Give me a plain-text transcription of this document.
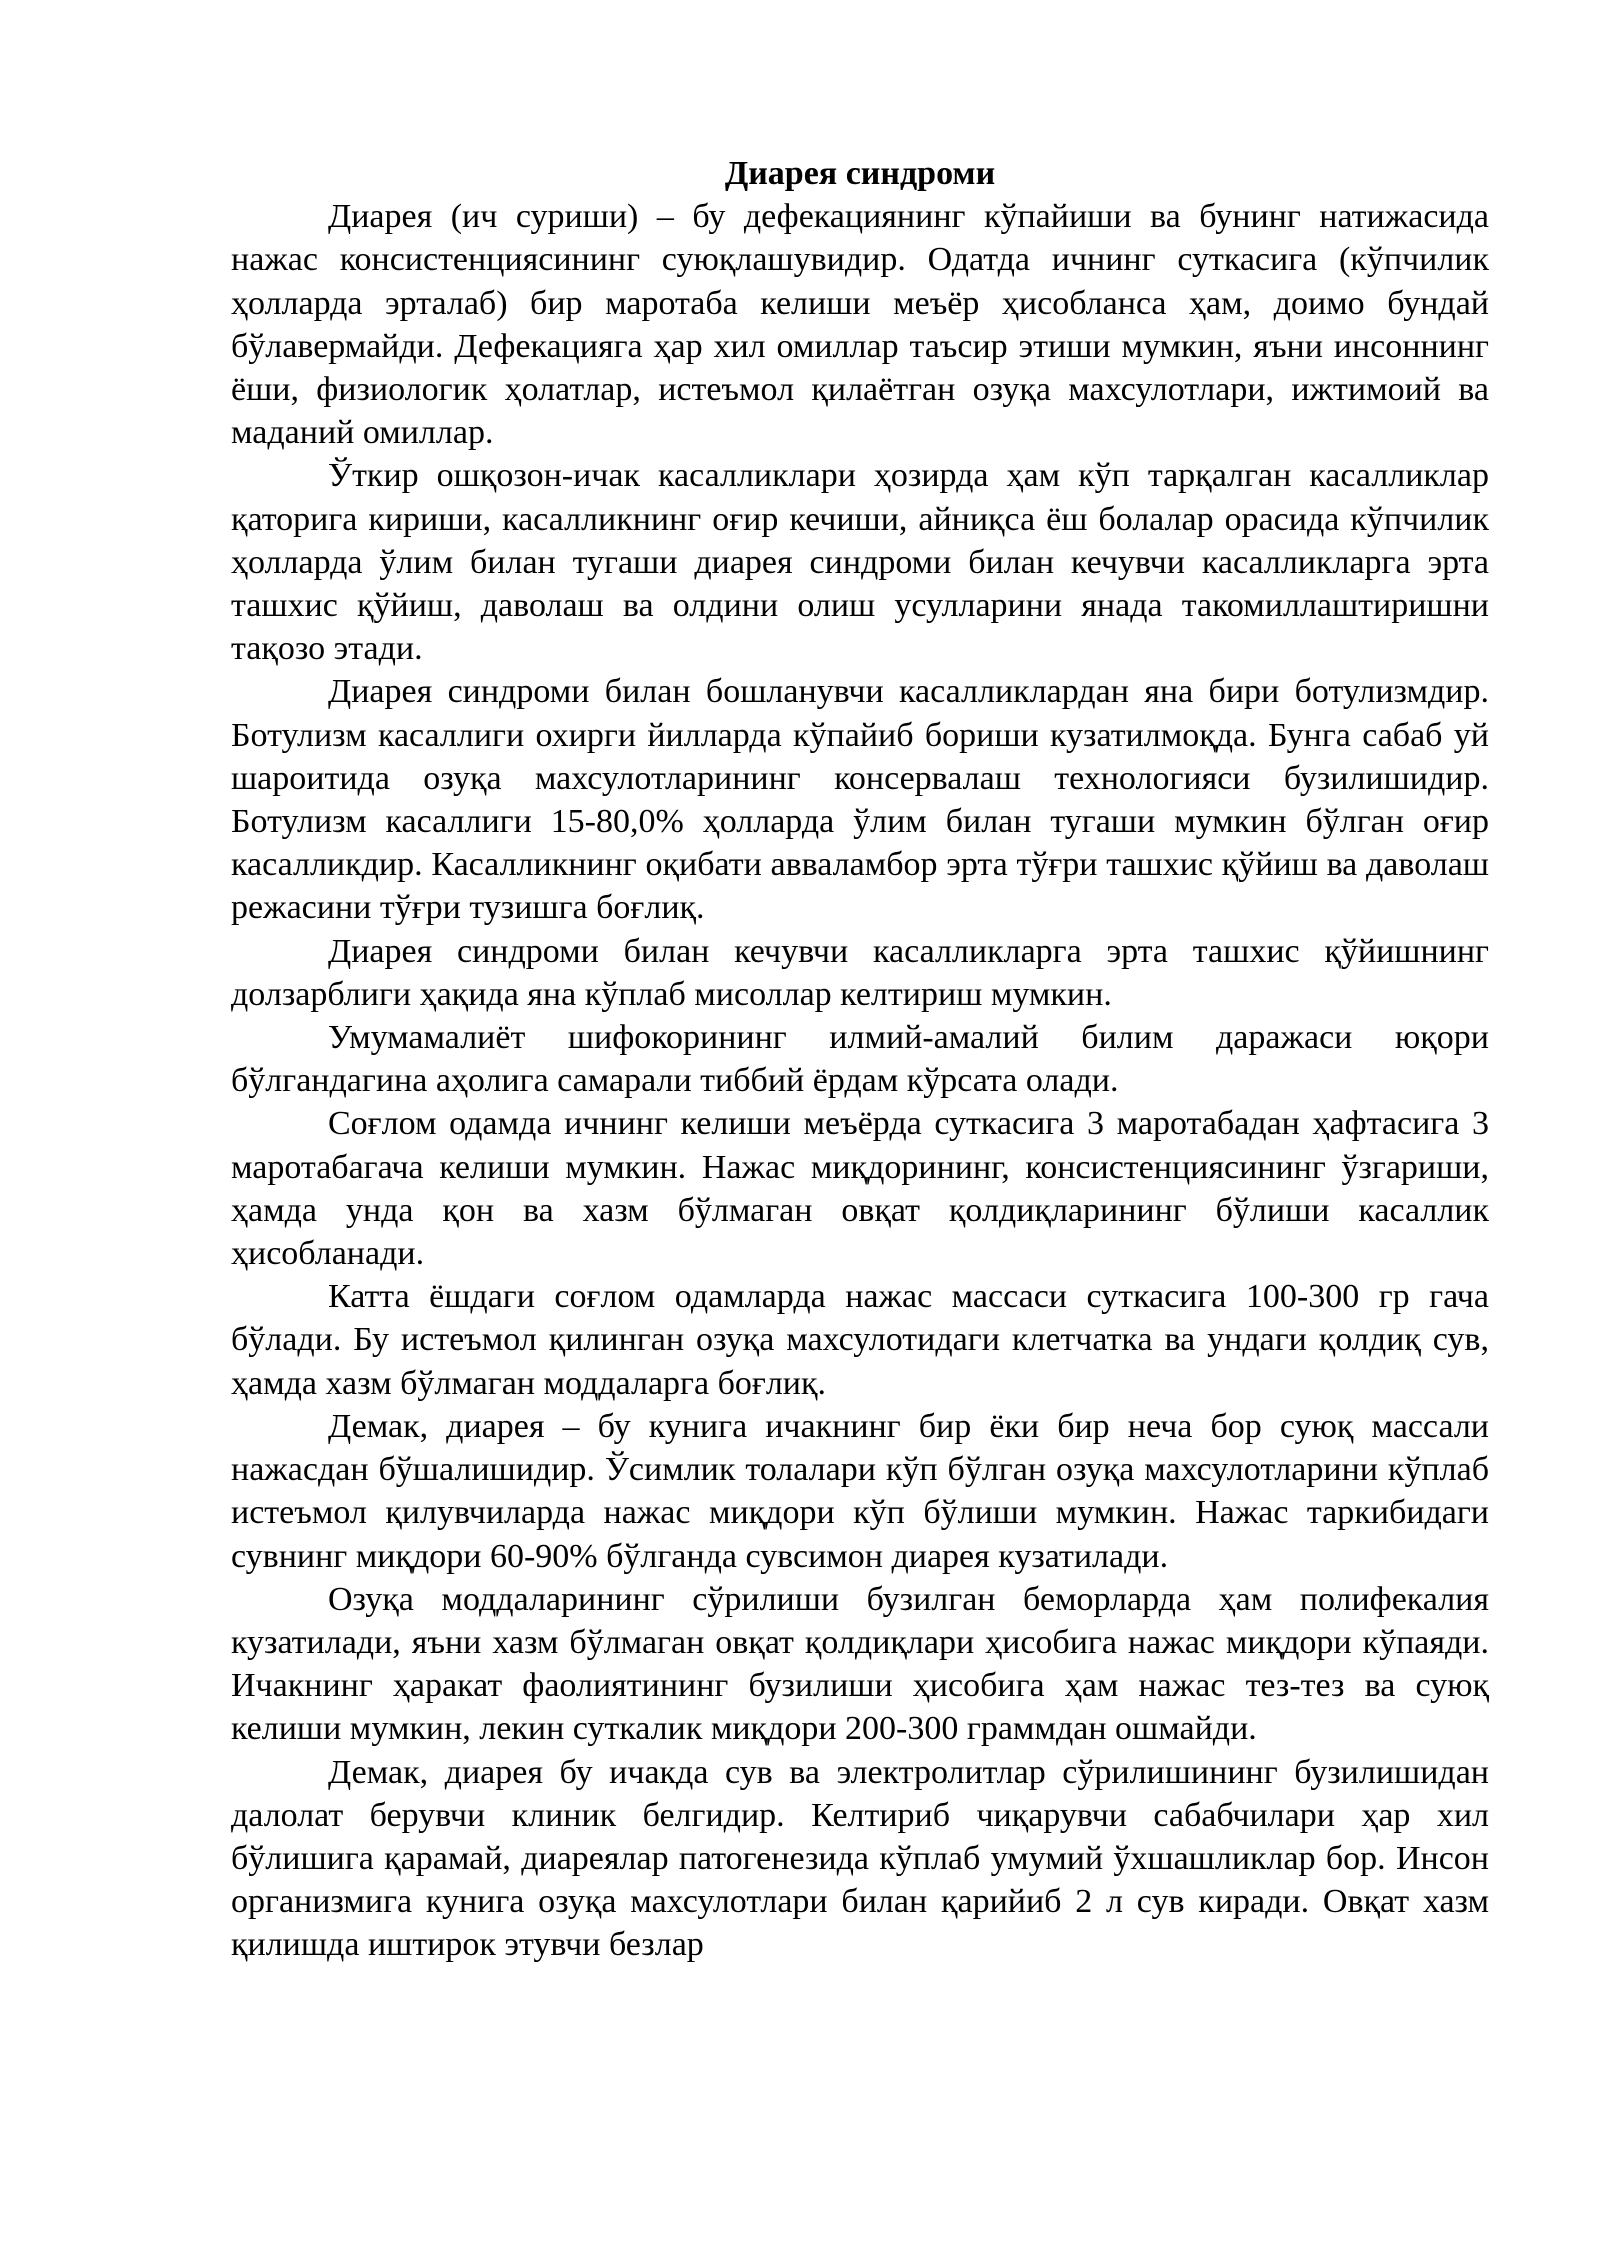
Диарея синдроми

Диарея (ич суриши) – бу дефекациянинг кўпайиши ва бунинг натижасида нажас консистенциясининг суюқлашувидир. Одатда ичнинг суткасига (кўпчилик ҳолларда эрталаб) бир маротаба келиши меъёр ҳисобланса ҳам, доимо бундай бўлавермайди. Дефекацияга ҳар хил омиллар таъсир этиши мумкин, яъни инсоннинг ёши, физиологик ҳолатлар, истеъмол қилаётган озуқа махсулотлари, ижтимоий ва маданий омиллар.

Ўткир ошқозон-ичак касалликлари ҳозирда ҳам кўп тарқалган касалликлар қаторига кириши, касалликнинг оғир кечиши, айниқса ёш болалар орасида кўпчилик ҳолларда ўлим билан тугаши диарея синдроми билан кечувчи касалликларга эрта ташхис қўйиш, даволаш ва олдини олиш усулларини янада такомиллаштиришни тақозо этади.

Диарея синдроми билан бошланувчи касалликлардан яна бири ботулизмдир. Ботулизм касаллиги охирги йилларда кўпайиб бориши кузатилмоқда. Бунга сабаб уй шароитида озуқа махсулотларининг консервалаш технологияси бузилишидир. Ботулизм касаллиги 15-80,0% ҳолларда ўлим билан тугаши мумкин бўлган оғир касалликдир. Касалликнинг оқибати авваламбор эрта тўғри ташхис қўйиш ва даволаш режасини тўғри тузишга боғлиқ.

Диарея синдроми билан кечувчи касалликларга эрта ташхис қўйишнинг долзарблиги ҳақида яна кўплаб мисоллар келтириш мумкин.

Умумамалиёт шифокорининг илмий-амалий билим даражаси юқори бўлгандагина аҳолига самарали тиббий ёрдам кўрсата олади.

Соғлом одамда ичнинг келиши меъёрда суткасига 3 маротабадан ҳафтасига 3 маротабагача келиши мумкин. Нажас миқдорининг, консистенциясининг ўзгариши, ҳамда унда қон ва хазм бўлмаган овқат қолдиқларининг бўлиши касаллик ҳисобланади.

Катта ёшдаги соғлом одамларда нажас массаси суткасига 100-300 гр гача бўлади. Бу истеъмол қилинган озуқа махсулотидаги клетчатка ва ундаги қолдиқ сув, ҳамда хазм бўлмаган моддаларга боғлиқ.

Демак, диарея – бу кунига ичакнинг бир ёки бир неча бор суюқ массали нажасдан бўшалишидир. Ўсимлик толалари кўп бўлган озуқа махсулотларини кўплаб истеъмол қилувчиларда нажас миқдори кўп бўлиши мумкин. Нажас таркибидаги сувнинг миқдори 60-90% бўлганда сувсимон диарея кузатилади.

Озуқа моддаларининг сўрилиши бузилган беморларда ҳам полифекалия кузатилади, яъни хазм бўлмаган овқат қолдиқлари ҳисобига нажас миқдори кўпаяди. Ичакнинг ҳаракат фаолиятининг бузилиши ҳисобига ҳам нажас тез-тез ва суюқ келиши мумкин, лекин суткалик миқдори 200-300 граммдан ошмайди.

Демак, диарея бу ичакда сув ва электролитлар сўрилишининг бузилишидан далолат берувчи клиник белгидир. Келтириб чиқарувчи сабабчилари ҳар хил бўлишига қарамай, диареялар патогенезида кўплаб умумий ўхшашликлар бор. Инсон организмига кунига озуқа махсулотлари билан қарийиб 2 л сув киради. Овқат хазм қилишда иштирок этувчи безлар
